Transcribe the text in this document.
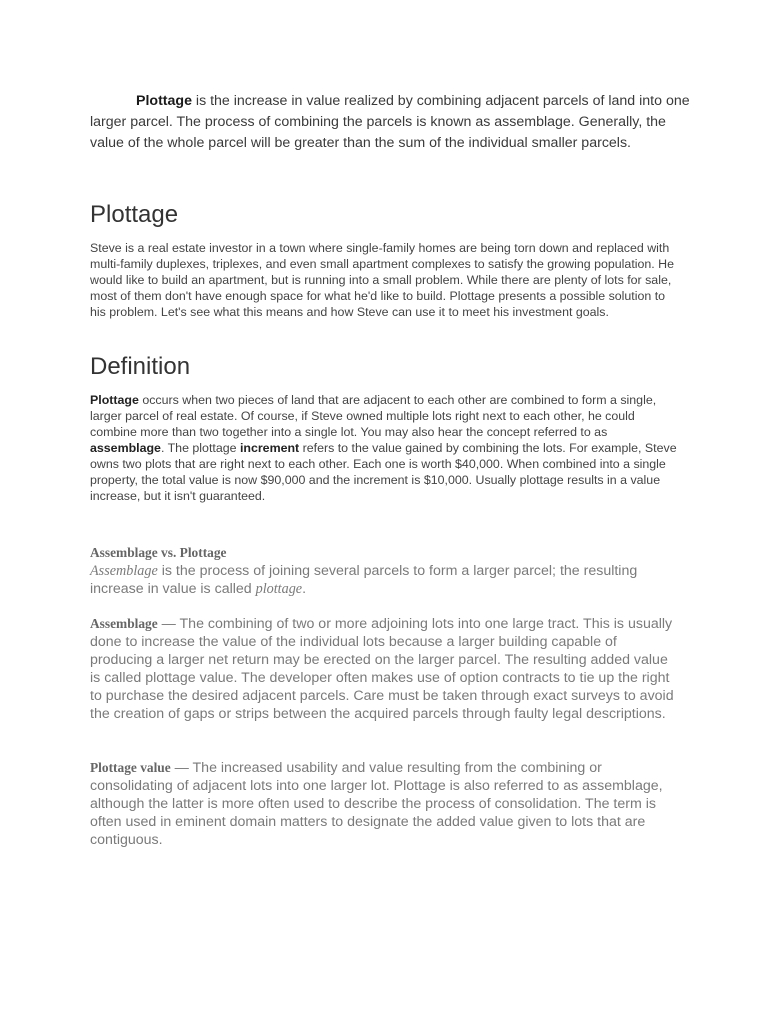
Plottage is the increase in value realized by combining adjacent parcels of land into one larger parcel. The process of combining the parcels is known as assemblage. Generally, the value of the whole parcel will be greater than the sum of the individual smaller parcels.

Plottage

Steve is a real estate investor in a town where single-family homes are being torn down and replaced with multi-family duplexes, triplexes, and even small apartment complexes to satisfy the growing population. He would like to build an apartment, but is running into a small problem. While there are plenty of lots for sale, most of them don't have enough space for what he'd like to build. Plottage presents a possible solution to his problem. Let's see what this means and how Steve can use it to meet his investment goals.

Definition

Plottage occurs when two pieces of land that are adjacent to each other are combined to form a single, larger parcel of real estate. Of course, if Steve owned multiple lots right next to each other, he could combine more than two together into a single lot. You may also hear the concept referred to as assemblage. The plottage increment refers to the value gained by combining the lots. For example, Steve owns two plots that are right next to each other. Each one is worth $40,000. When combined into a single property, the total value is now $90,000 and the increment is $10,000. Usually plottage results in a value increase, but it isn't guaranteed.

Assemblage vs. Plottage

Assemblage is the process of joining several parcels to form a larger parcel; the resulting increase in value is called plottage.

Assemblage — The combining of two or more adjoining lots into one large tract. This is usually done to increase the value of the individual lots because a larger building capable of producing a larger net return may be erected on the larger parcel. The resulting added value is called plottage value. The developer often makes use of option contracts to tie up the right to purchase the desired adjacent parcels. Care must be taken through exact surveys to avoid the creation of gaps or strips between the acquired parcels through faulty legal descriptions.

Plottage value — The increased usability and value resulting from the combining or consolidating of adjacent lots into one larger lot. Plottage is also referred to as assemblage, although the latter is more often used to describe the process of consolidation. The term is often used in eminent domain matters to designate the added value given to lots that are contiguous.
